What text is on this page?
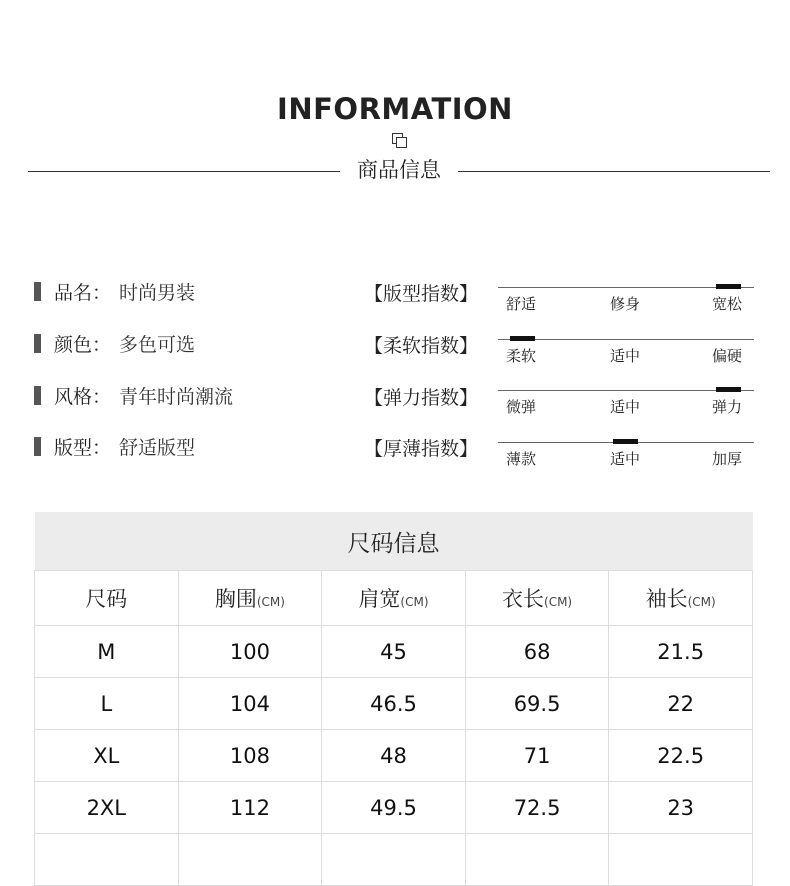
INFORMATION
商品信息
品名 ： 时尚男装
颜色 ： 多色可选
风格 ： 青年时尚潮流
版型 ： 舒适版型
【版型指数】
【柔软指数】
【弹力指数】
【厚薄指数】
舒适	修身	宽松
柔软	适中	偏硬
微弹	适中	弹力
薄款	适中	加厚
尺码信息				
尺码	胸围(CM)	肩宽(CM)	衣长(CM)	袖长(CM)
M	100	45	68	21.5
L	104	46.5	69.5	22
XL	108	48	71	22.5
2XL	112	49.5	72.5	23
